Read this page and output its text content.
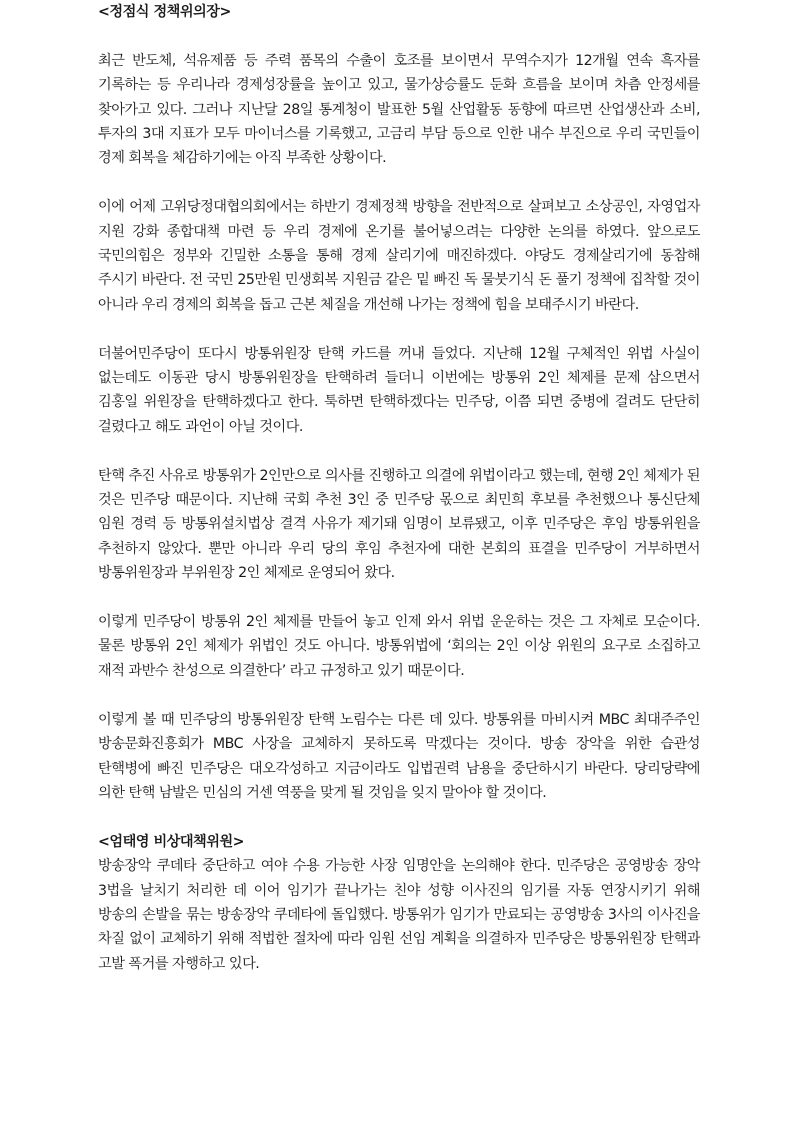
<정점식 정책위의장>

최근 반도체, 석유제품 등 주력 품목의 수출이 호조를 보이면서 무역수지가 12개월 연속 흑자를 기록하는 등 우리나라 경제성장률을 높이고 있고, 물가상승률도 둔화 흐름을 보이며 차츰 안정세를 찾아가고 있다. 그러나 지난달 28일 통계청이 발표한 5월 산업활동 동향에 따르면 산업생산과 소비, 투자의 3대 지표가 모두 마이너스를 기록했고, 고금리 부담 등으로 인한 내수 부진으로 우리 국민들이 경제 회복을 체감하기에는 아직 부족한 상황이다.

이에 어제 고위당정대협의회에서는 하반기 경제정책 방향을 전반적으로 살펴보고 소상공인, 자영업자 지원 강화 종합대책 마련 등 우리 경제에 온기를 불어넣으려는 다양한 논의를 하였다. 앞으로도 국민의힘은 정부와 긴밀한 소통을 통해 경제 살리기에 매진하겠다. 야당도 경제살리기에 동참해 주시기 바란다. 전 국민 25만원 민생회복 지원금 같은 밑 빠진 독 물붓기식 돈 풀기 정책에 집착할 것이 아니라 우리 경제의 회복을 돕고 근본 체질을 개선해 나가는 정책에 힘을 보태주시기 바란다.

더불어민주당이 또다시 방통위원장 탄핵 카드를 꺼내 들었다. 지난해 12월 구체적인 위법 사실이 없는데도 이동관 당시 방통위원장을 탄핵하려 들더니 이번에는 방통위 2인 체제를 문제 삼으면서 김홍일 위원장을 탄핵하겠다고 한다. 툭하면 탄핵하겠다는 민주당, 이쯤 되면 중병에 걸려도 단단히 걸렸다고 해도 과언이 아닐 것이다.

탄핵 추진 사유로 방통위가 2인만으로 의사를 진행하고 의결에 위법이라고 했는데, 현행 2인 체제가 된 것은 민주당 때문이다. 지난해 국회 추천 3인 중 민주당 몫으로 최민희 후보를 추천했으나 통신단체 임원 경력 등 방통위설치법상 결격 사유가 제기돼 임명이 보류됐고, 이후 민주당은 후임 방통위원을 추천하지 않았다. 뿐만 아니라 우리 당의 후임 추천자에 대한 본회의 표결을 민주당이 거부하면서 방통위원장과 부위원장 2인 체제로 운영되어 왔다.

이렇게 민주당이 방통위 2인 체제를 만들어 놓고 인제 와서 위법 운운하는 것은 그 자체로 모순이다. 물론 방통위 2인 체제가 위법인 것도 아니다. 방통위법에 ‘회의는 2인 이상 위원의 요구로 소집하고 재적 과반수 찬성으로 의결한다’ 라고 규정하고 있기 때문이다.

이렇게 볼 때 민주당의 방통위원장 탄핵 노림수는 다른 데 있다. 방통위를 마비시켜 MBC 최대주주인 방송문화진흥회가 MBC 사장을 교체하지 못하도록 막겠다는 것이다. 방송 장악을 위한 습관성 탄핵병에 빠진 민주당은 대오각성하고 지금이라도 입법권력 남용을 중단하시기 바란다. 당리당략에 의한 탄핵 남발은 민심의 거센 역풍을 맞게 될 것임을 잊지 말아야 할 것이다.

<엄태영 비상대책위원>

방송장악 쿠데타 중단하고 여야 수용 가능한 사장 임명안을 논의해야 한다. 민주당은 공영방송 장악 3법을 날치기 처리한 데 이어 임기가 끝나가는 친야 성향 이사진의 임기를 자동 연장시키기 위해 방송의 손발을 묶는 방송장악 쿠데타에 돌입했다. 방통위가 임기가 만료되는 공영방송 3사의 이사진을 차질 없이 교체하기 위해 적법한 절차에 따라 임원 선임 계획을 의결하자 민주당은 방통위원장 탄핵과 고발 폭거를 자행하고 있다.
